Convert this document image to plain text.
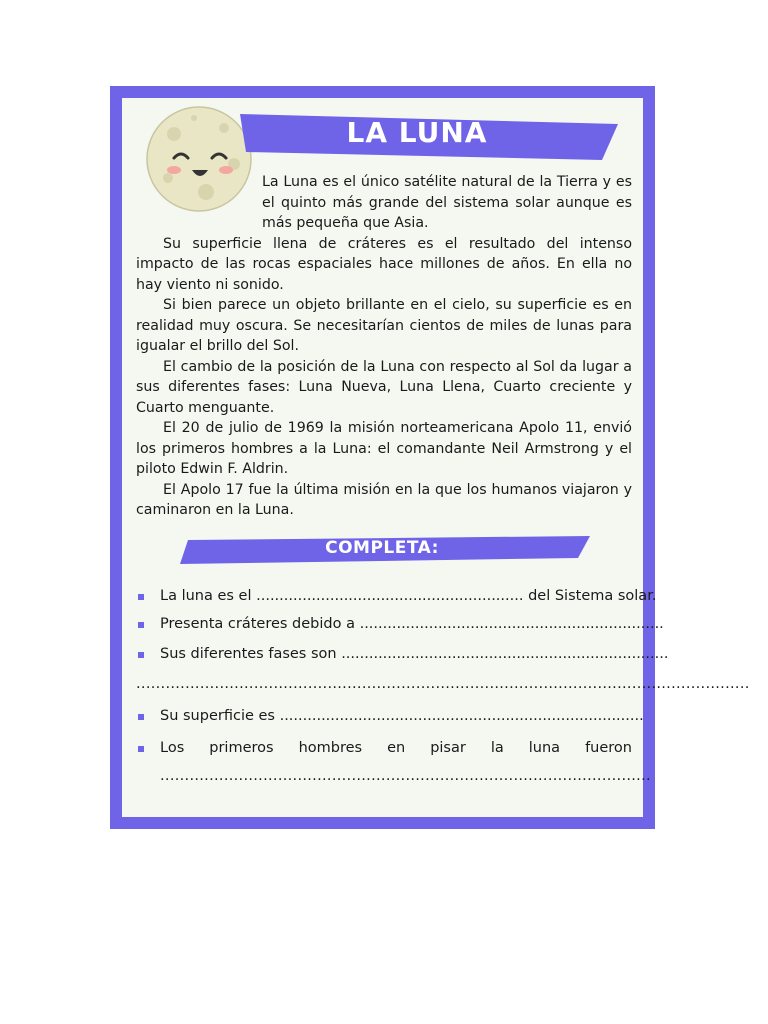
LA LUNA

La Luna es el único satélite natural de la Tierra y es el quinto más grande del sistema solar aunque es más pequeña que Asia.

Su superficie llena de cráteres es el resultado del intenso impacto de las rocas espaciales hace millones de años. En ella no hay viento ni sonido.

Si bien parece un objeto brillante en el cielo, su superficie es en realidad muy oscura. Se necesitarían cientos de miles de lunas para igualar el brillo del Sol.

El cambio de la posición de la Luna con respecto al Sol da lugar a sus diferentes fases: Luna Nueva, Luna Llena, Cuarto creciente y Cuarto menguante.

El 20 de julio de 1969 la misión norteamericana Apolo 11, envió los primeros hombres a la Luna: el comandante Neil Armstrong y el piloto Edwin F. Aldrin.

El Apolo 17 fue la última misión en la que los humanos viajaron y caminaron en la Luna.

COMPLETA:
La luna es el .......................................................... del Sistema solar.
Presenta cráteres debido a ..................................................................
Sus diferentes fases son .......................................................................
.............................................................................................................................
Su superficie es ...............................................................................
Los primeros hombres en pisar la luna fueron
....................................................................................................
